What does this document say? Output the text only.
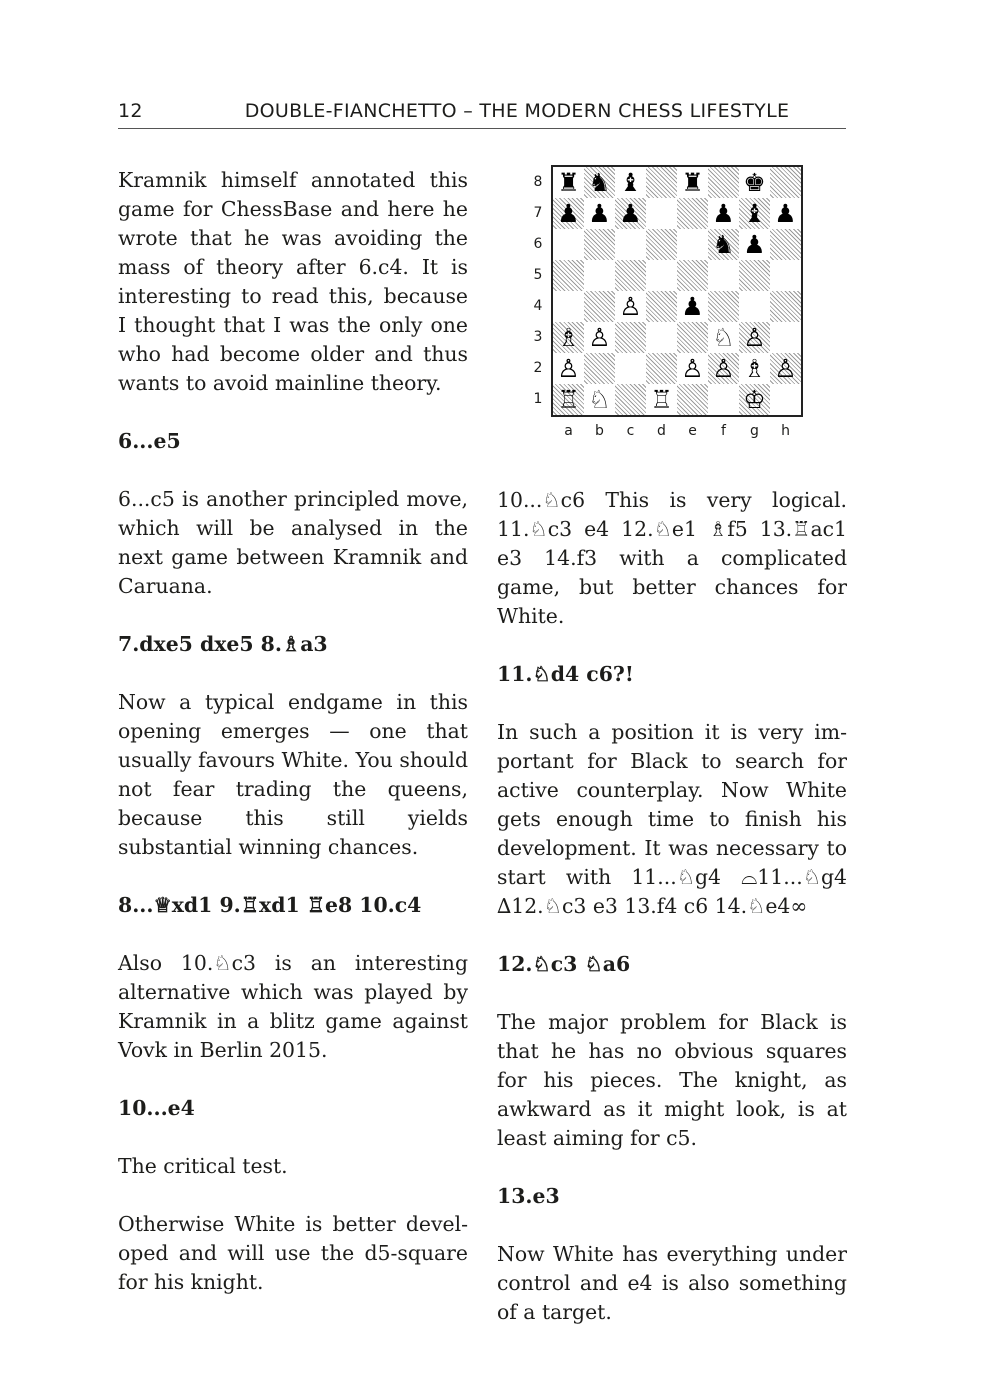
12	DOUBLE-FIANCHETTO – THE MODERN CHESS LIFESTYLE

Kramnik himself annotated this game for ChessBase and here he wrote that he was avoiding the mass of theory after 6.c4. It is interesting to read this, because I thought that I was the only one who had become older and thus wants to avoid mainline theory.

6...e5

6...c5 is another principled move, which will be analysed in the next game between Kramnik and Caruana.

7.dxe5 dxe5 8.♗a3

Now a typical endgame in this opening emerges — one that usually favours White. You should not fear trading the queens, because this still yields substantial winning chances.

8...♕xd1 9.♖xd1 ♖e8 10.c4

Also 10.♘c3 is an interesting alternative which was played by Kramnik in a blitz game against Vovk in Berlin 2015.

10...e4

The critical test.

Otherwise White is better developed and will use the d5-square for his knight.

10...♘c6 This is very logical. 11.♘c3 e4 12.♘e1 ♗f5 13.♖ac1 e3 14.f3 with a complicated game, but better chances for White.

11.♘d4 c6?!

In such a position it is very important for Black to search for active counterplay. Now White gets enough time to finish his development. It was necessary to start with 11...♘g4 ⌓11...♘g4 ∆12.♘c3 e3 13.f4 c6 14.♘e4∞

12.♘c3 ♘a6

The major problem for Black is that he has no obvious squares for his pieces. The knight, as awkward as it might look, is at least aiming for c5.

13.e3

Now White has everything under control and e4 is also something of a target.

8
7
6
5
4
3
2
1
♜ ♞ ♝ ♜ ♚
♟ ♟ ♟	♟ ♝ ♟
♞ ♟
♙ ♟
♗ ♙	♘ ♙
♙	♙ ♙ ♗ ♙
♖ ♘ ♖	♔
a	b	c	d	e	f	g	h
